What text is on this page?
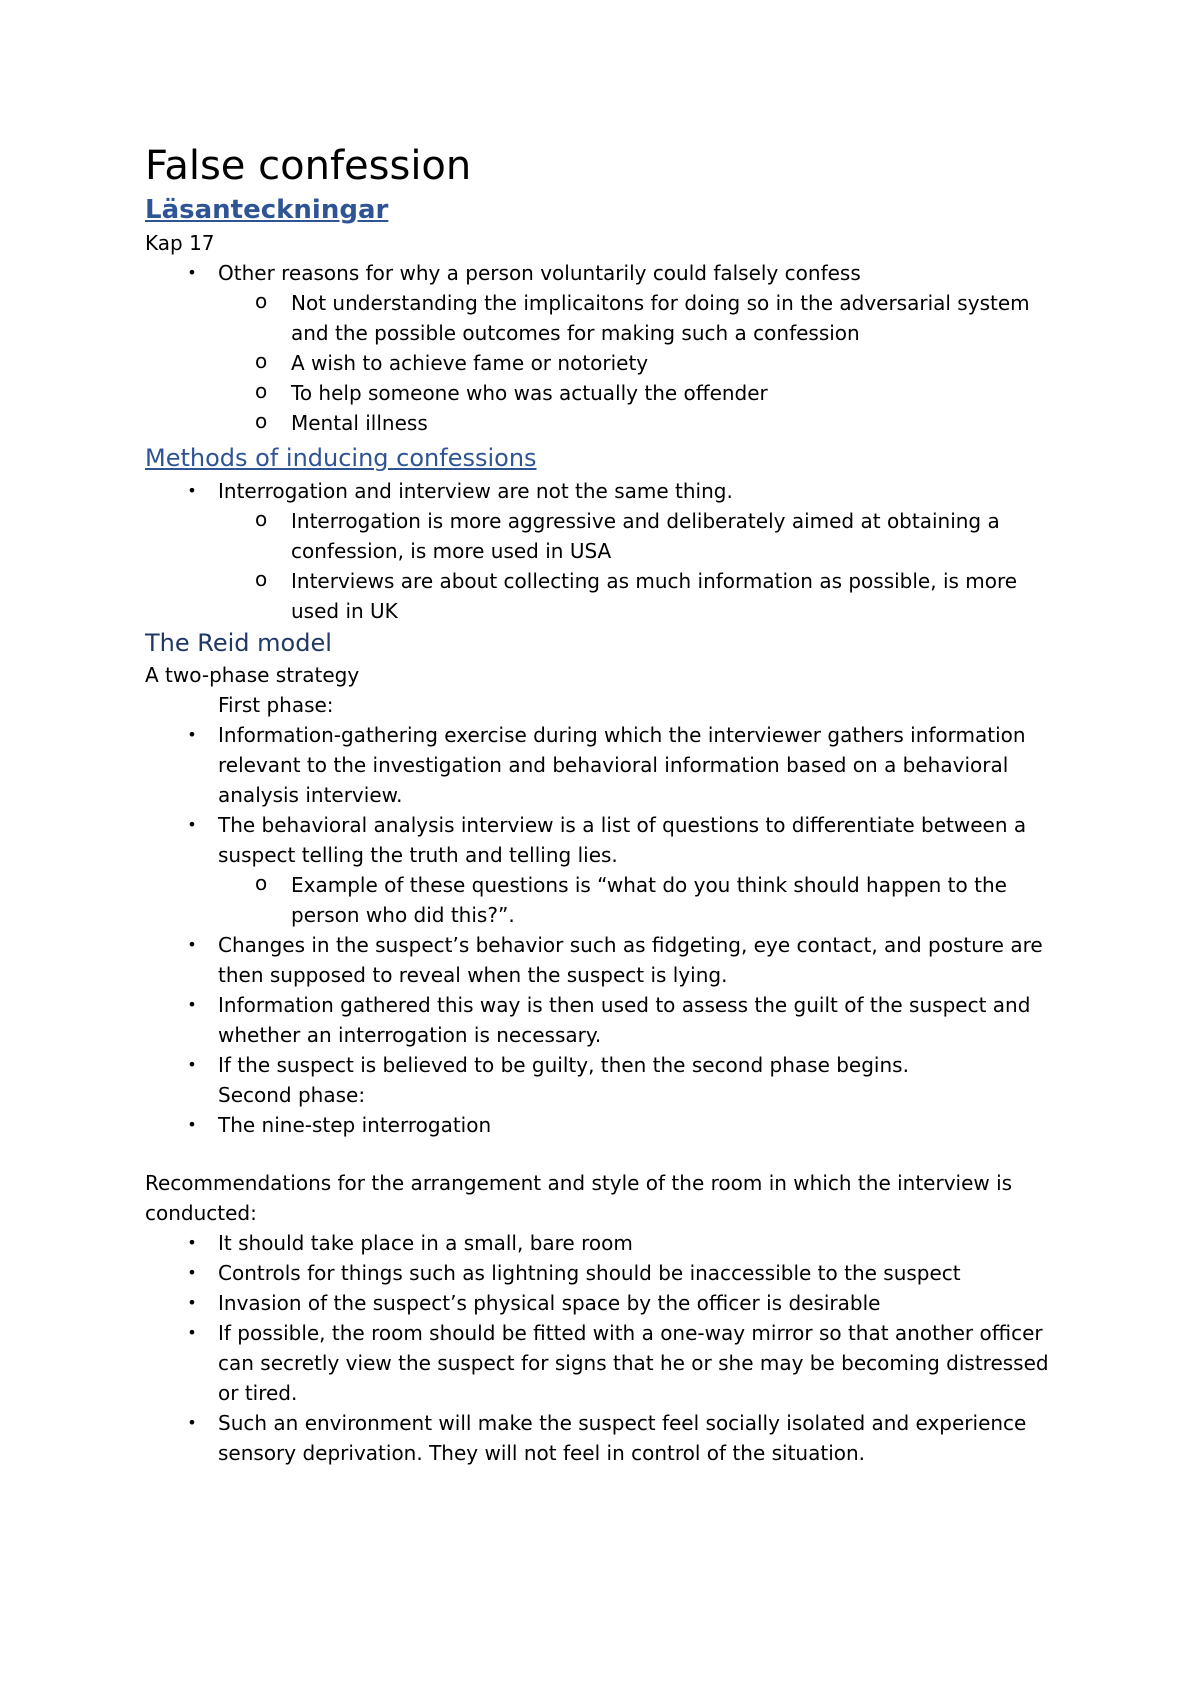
False confession
Läsanteckningar

Kap 17

• Other reasons for why a person voluntarily could falsely confess
o Not understanding the implicaitons for doing so in the adversarial system and the possible outcomes for making such a confession
o A wish to achieve fame or notoriety
o To help someone who was actually the offender
o Mental illness
Methods of inducing confessions
• Interrogation and interview are not the same thing.
o Interrogation is more aggressive and deliberately aimed at obtaining a confession, is more used in USA
o Interviews are about collecting as much information as possible, is more used in UK
The Reid model

A two-phase strategy

First phase:

• Information-gathering exercise during which the interviewer gathers information relevant to the investigation and behavioral information based on a behavioral analysis interview.
• The behavioral analysis interview is a list of questions to differentiate between a suspect telling the truth and telling lies.
o Example of these questions is “what do you think should happen to the person who did this?”.
• Changes in the suspect’s behavior such as fidgeting, eye contact, and posture are then supposed to reveal when the suspect is lying.
• Information gathered this way is then used to assess the guilt of the suspect and whether an interrogation is necessary.
• If the suspect is believed to be guilty, then the second phase begins.

Second phase:

• The nine-step interrogation

Recommendations for the arrangement and style of the room in which the interview is conducted:

• It should take place in a small, bare room
• Controls for things such as lightning should be inaccessible to the suspect
• Invasion of the suspect’s physical space by the officer is desirable
• If possible, the room should be fitted with a one-way mirror so that another officer can secretly view the suspect for signs that he or she may be becoming distressed or tired.
• Such an environment will make the suspect feel socially isolated and experience sensory deprivation. They will not feel in control of the situation.
